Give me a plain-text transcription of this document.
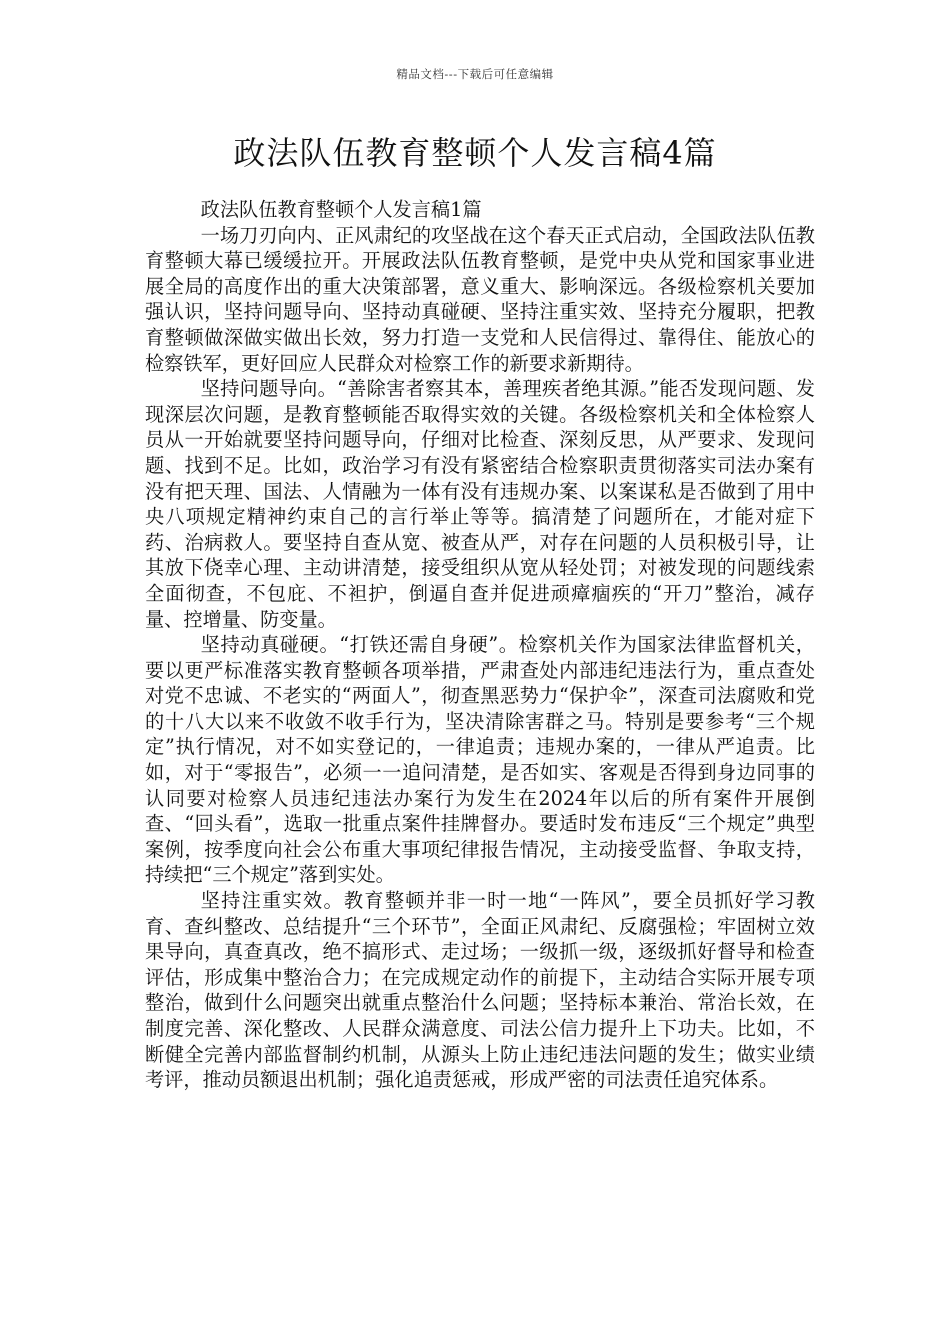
精品文档---下载后可任意编辑
政法队伍教育整顿个人发言稿4篇

政法队伍教育整顿个人发言稿1篇

一场刀刃向内、正风肃纪的攻坚战在这个春天正式启动，全国政法队伍教育整顿大幕已缓缓拉开。开展政法队伍教育整顿，是党中央从党和国家事业进展全局的高度作出的重大决策部署，意义重大、影响深远。各级检察机关要加强认识，坚持问题导向、坚持动真碰硬、坚持注重实效、坚持充分履职，把教育整顿做深做实做出长效，努力打造一支党和人民信得过、靠得住、能放心的检察铁军，更好回应人民群众对检察工作的新要求新期待。

坚持问题导向。“善除害者察其本，善理疾者绝其源。”能否发现问题、发现深层次问题，是教育整顿能否取得实效的关键。各级检察机关和全体检察人员从一开始就要坚持问题导向，仔细对比检查、深刻反思，从严要求、发现问题、找到不足。比如，政治学习有没有紧密结合检察职责贯彻落实司法办案有没有把天理、国法、人情融为一体有没有违规办案、以案谋私是否做到了用中央八项规定精神约束自己的言行举止等等。搞清楚了问题所在，才能对症下药、治病救人。要坚持自查从宽、被查从严，对存在问题的人员积极引导，让其放下侥幸心理、主动讲清楚，接受组织从宽从轻处罚；对被发现的问题线索全面彻查，不包庇、不袒护，倒逼自查并促进顽瘴痼疾的“开刀”整治，减存量、控增量、防变量。

坚持动真碰硬。“打铁还需自身硬”。检察机关作为国家法律监督机关，要以更严标准落实教育整顿各项举措，严肃查处内部违纪违法行为，重点查处对党不忠诚、不老实的“两面人”，彻查黑恶势力“保护伞”，深查司法腐败和党的十八大以来不收敛不收手行为，坚决清除害群之马。特别是要参考“三个规定”执行情况，对不如实登记的，一律追责；违规办案的，一律从严追责。比如，对于“零报告”，必须一一追问清楚，是否如实、客观是否得到身边同事的认同要对检察人员违纪违法办案行为发生在2024年以后的所有案件开展倒查、“回头看”，选取一批重点案件挂牌督办。要适时发布违反“三个规定”典型案例，按季度向社会公布重大事项纪律报告情况，主动接受监督、争取支持，持续把“三个规定”落到实处。

坚持注重实效。教育整顿并非一时一地“一阵风”，要全员抓好学习教育、查纠整改、总结提升“三个环节”，全面正风肃纪、反腐强检；牢固树立效果导向，真查真改，绝不搞形式、走过场；一级抓一级，逐级抓好督导和检查评估，形成集中整治合力；在完成规定动作的前提下，主动结合实际开展专项整治，做到什么问题突出就重点整治什么问题；坚持标本兼治、常治长效，在制度完善、深化整改、人民群众满意度、司法公信力提升上下功夫。比如，不断健全完善内部监督制约机制，从源头上防止违纪违法问题的发生；做实业绩考评，推动员额退出机制；强化追责惩戒，形成严密的司法责任追究体系。
